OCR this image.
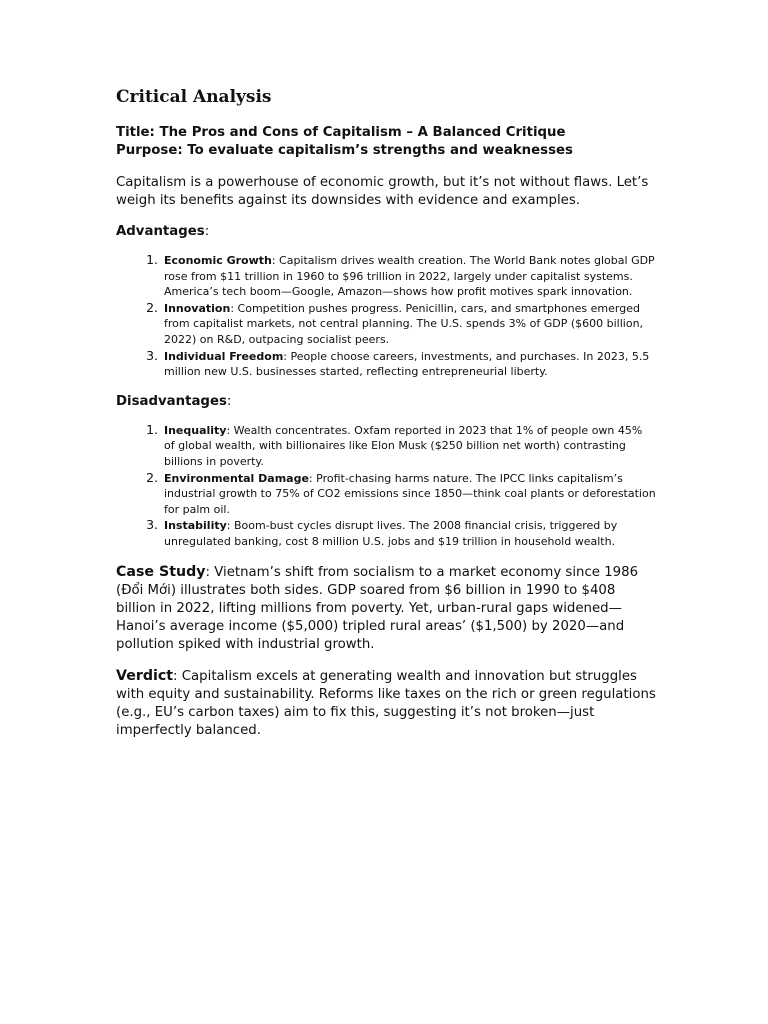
Critical Analysis
Title: The Pros and Cons of Capitalism – A Balanced Critique
Purpose: To evaluate capitalism’s strengths and weaknesses
Capitalism is a powerhouse of economic growth, but it’s not without flaws. Let’s weigh its benefits against its downsides with evidence and examples.
Advantages:
1. Economic Growth: Capitalism drives wealth creation. The World Bank notes global GDP rose from $11 trillion in 1960 to $96 trillion in 2022, largely under capitalist systems. America’s tech boom—Google, Amazon—shows how profit motives spark innovation.
2. Innovation: Competition pushes progress. Penicillin, cars, and smartphones emerged from capitalist markets, not central planning. The U.S. spends 3% of GDP ($600 billion, 2022) on R&D, outpacing socialist peers.
3. Individual Freedom: People choose careers, investments, and purchases. In 2023, 5.5 million new U.S. businesses started, reflecting entrepreneurial liberty.
Disadvantages:
1. Inequality: Wealth concentrates. Oxfam reported in 2023 that 1% of people own 45% of global wealth, with billionaires like Elon Musk ($250 billion net worth) contrasting billions in poverty.
2. Environmental Damage: Profit-chasing harms nature. The IPCC links capitalism’s industrial growth to 75% of CO2 emissions since 1850—think coal plants or deforestation for palm oil.
3. Instability: Boom-bust cycles disrupt lives. The 2008 financial crisis, triggered by unregulated banking, cost 8 million U.S. jobs and $19 trillion in household wealth.
Case Study: Vietnam’s shift from socialism to a market economy since 1986 (Đổi Mới) illustrates both sides. GDP soared from $6 billion in 1990 to $408 billion in 2022, lifting millions from poverty. Yet, urban-rural gaps widened—Hanoi’s average income ($5,000) tripled rural areas’ ($1,500) by 2020—and pollution spiked with industrial growth.
Verdict: Capitalism excels at generating wealth and innovation but struggles with equity and sustainability. Reforms like taxes on the rich or green regulations (e.g., EU’s carbon taxes) aim to fix this, suggesting it’s not broken—just imperfectly balanced.
